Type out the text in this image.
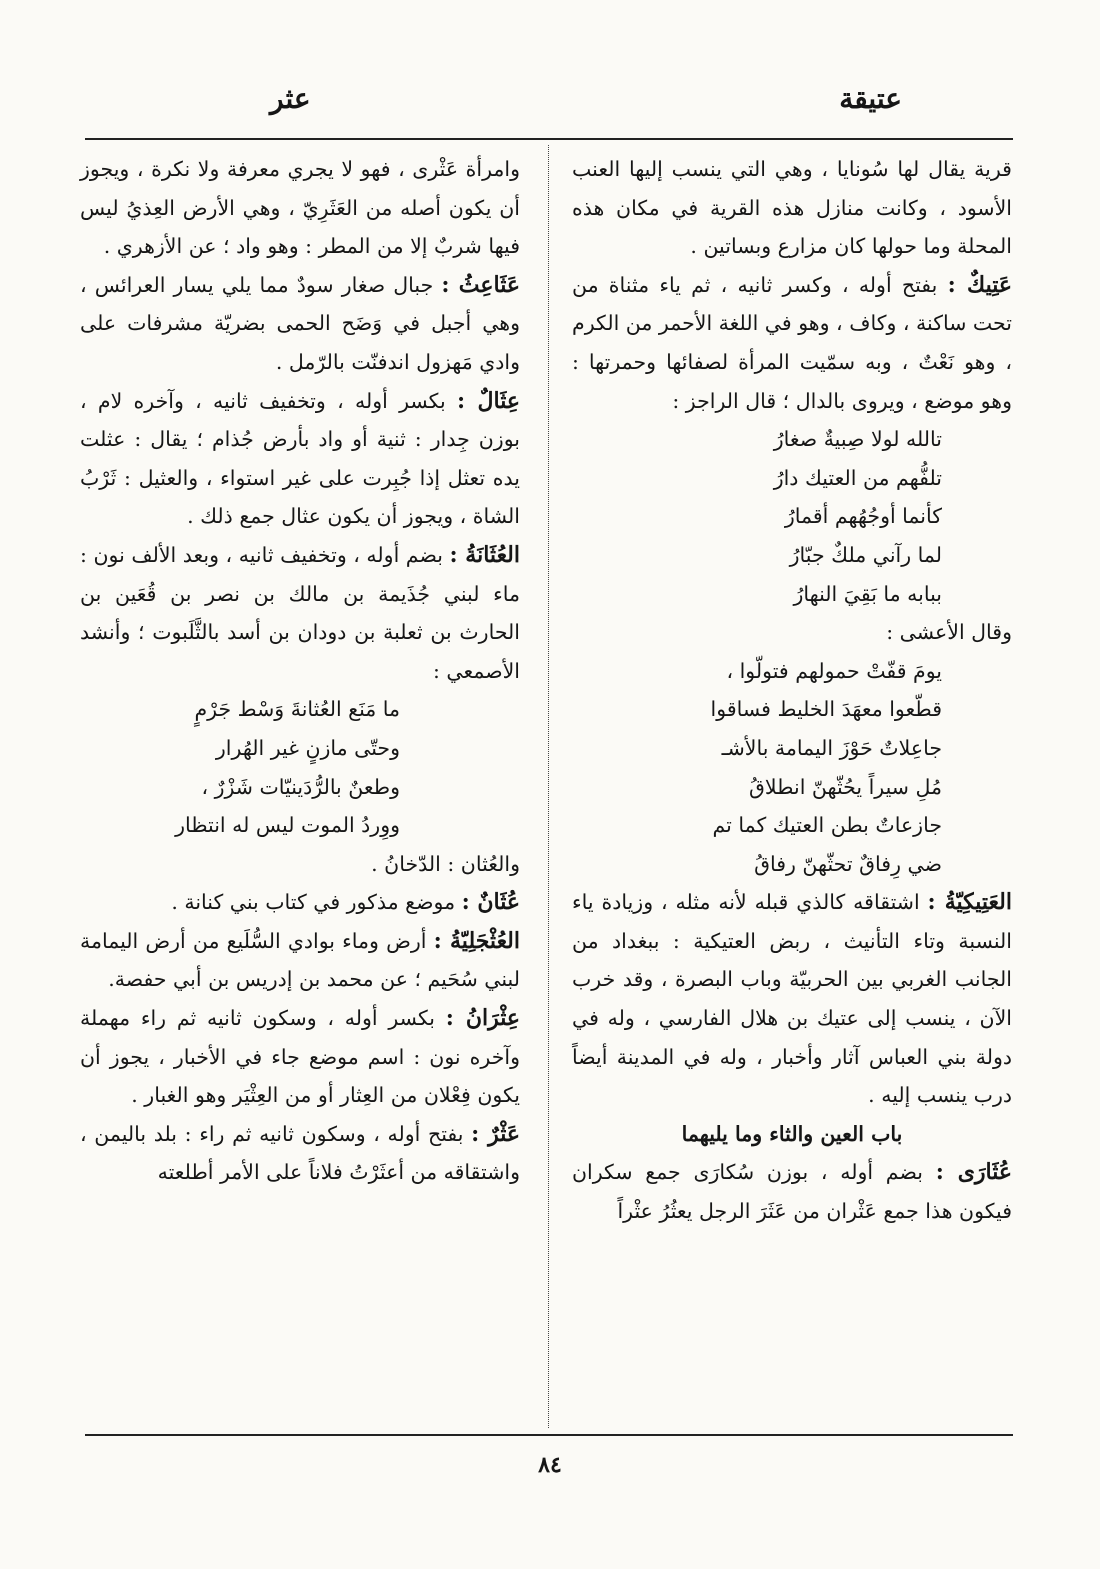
عتيقة
عثر

قرية يقال لها سُونايا ، وهي التي ينسب إليها العنب الأسود ، وكانت منازل هذه القرية في مكان هذه المحلة وما حولها كان مزارع وبساتين .

عَتِيكٌ : بفتح أوله ، وكسر ثانيه ، ثم ياء مثناة من تحت ساكنة ، وكاف ، وهو في اللغة الأحمر من الكرم ، وهو نَعْتٌ ، وبه سمّيت المرأة لصفائها وحمرتها : وهو موضع ، ويروى بالدال ؛ قال الراجز :

تالله لولا صِبيةٌ صغارُ

تلفُّهم من العتيك دارُ

كأنما أوجُهُهم أقمارُ

لما رآني ملكٌ جبّارُ

ببابه ما بَقِيَ النهارُ

وقال الأعشى :

يومَ قفّتْ حمولهم فتولّوا ،

قطّعوا معهَدَ الخليط فساقوا

جاعِلاتٌ حَوْزَ اليمامة بالأشـ

مُلِ سيراً يحُثّهنّ انطلاقُ

جازعاتٌ بطن العتيك كما تم

ضي رِفاقٌ تحثّهنّ رفاقُ

العَتِيكِيّةُ : اشتقاقه كالذي قبله لأنه مثله ، وزيادة ياء النسبة وتاء التأنيث ، ربض العتيكية : ببغداد من الجانب الغربي بين الحربيّة وباب البصرة ، وقد خرب الآن ، ينسب إلى عتيك بن هلال الفارسي ، وله في دولة بني العباس آثار وأخبار ، وله في المدينة أيضاً درب ينسب إليه .

باب العين والثاء وما يليهما

عُثَارَى : بضم أوله ، بوزن سُكارَى جمع سكران فيكون هذا جمع عَثْران من عَثَرَ الرجل يعثُرُ عثْراً

وامرأة عَثْرى ، فهو لا يجري معرفة ولا نكرة ، ويجوز أن يكون أصله من العَثَرِيّ ، وهي الأرض العِذيُ ليس فيها شربٌ إلا من المطر : وهو واد ؛ عن الأزهري .

عَثَاعِثُ : جبال صغار سودٌ مما يلي يسار العرائس ، وهي أجبل في وَضَح الحمى بضريّة مشرفات على وادي مَهزول اندفنّت بالرّمل .

عِثَالٌ : بكسر أوله ، وتخفيف ثانيه ، وآخره لام ، بوزن جِدار : ثنية أو واد بأرض جُذام ؛ يقال : عثلت يده تعثل إذا جُبِرت على غير استواء ، والعثيل : ثَرْبُ الشاة ، ويجوز أن يكون عثال جمع ذلك .

العُثَانَةُ : بضم أوله ، وتخفيف ثانيه ، وبعد الألف نون : ماء لبني جُذَيمة بن مالك بن نصر بن قُعَين بن الحارث بن ثعلبة بن دودان بن أسد بالثَّلَبوت ؛ وأنشد الأصمعي :

ما مَنَع العُثانةَ وَسْط جَرْمٍ

وحتّى مازنٍ غير الهُرار

وطعنٌ بالرُّدَينيّات شَزْرٌ ،

ووِردُ الموت ليس له انتظار

والعُثان : الدّخانُ .

عُثَانٌ : موضع مذكور في كتاب بني كنانة .

العُثْجَلِيّةُ : أرض وماء بوادي السُّلَيع من أرض اليمامة لبني سُحَيم ؛ عن محمد بن إدريس بن أبي حفصة.

عِثْرَانُ : بكسر أوله ، وسكون ثانيه ثم راء مهملة وآخره نون : اسم موضع جاء في الأخبار ، يجوز أن يكون فِعْلان من العِثار أو من العِثْيَر وهو الغبار .

عَثْرٌ : بفتح أوله ، وسكون ثانيه ثم راء : بلد باليمن ، واشتقاقه من أعثَرْتُ فلاناً على الأمر أطلعته

٨٤
